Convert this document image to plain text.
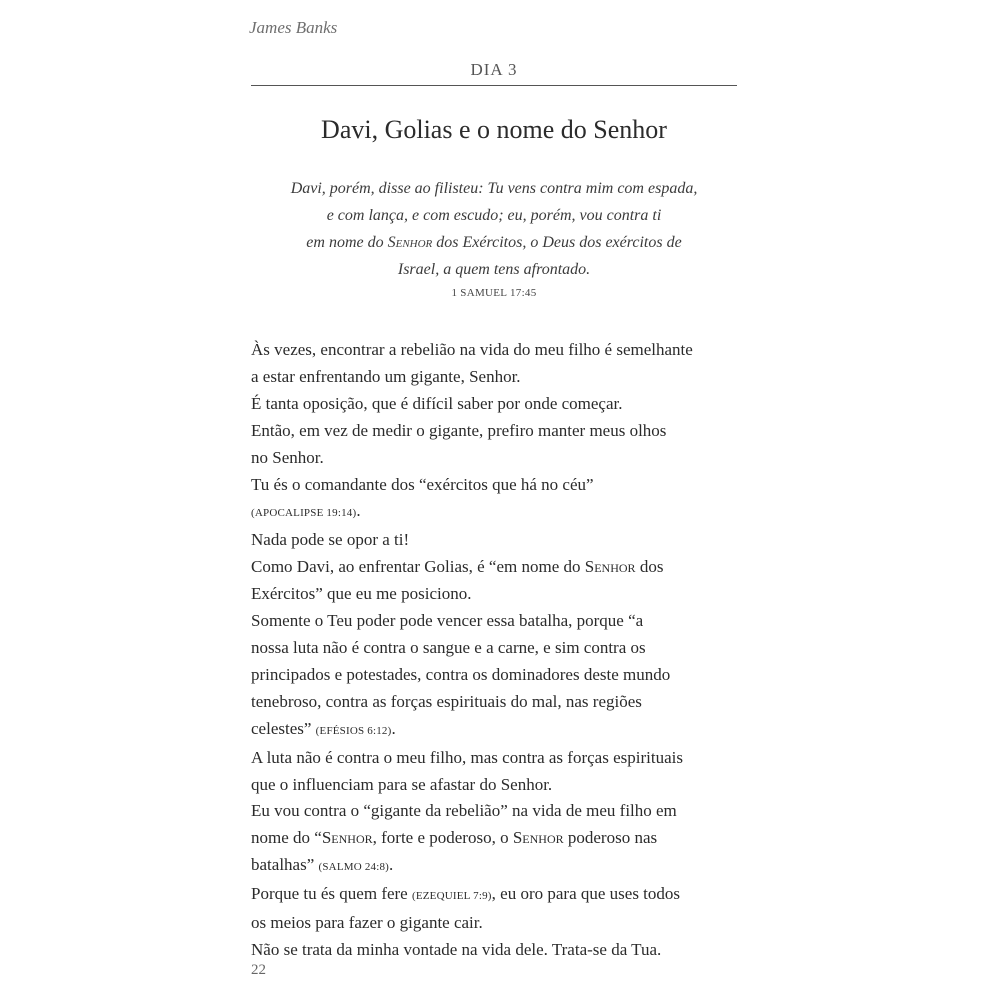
James Banks
DIA 3
Davi, Golias e o nome do Senhor
Davi, porém, disse ao filisteu: Tu vens contra mim com espada,
e com lança, e com escudo; eu, porém, vou contra ti
em nome do Senhor dos Exércitos, o Deus dos exércitos de
Israel, a quem tens afrontado.
1 SAMUEL 17:45

Às vezes, encontrar a rebelião na vida do meu filho é semelhante
a estar enfrentando um gigante, Senhor.

É tanta oposição, que é difícil saber por onde começar.

Então, em vez de medir o gigante, prefiro manter meus olhos
no Senhor.

Tu és o comandante dos “exércitos que há no céu”
(APOCALIPSE 19:14).

Nada pode se opor a ti!

Como Davi, ao enfrentar Golias, é “em nome do Senhor dos
Exércitos” que eu me posiciono.

Somente o Teu poder pode vencer essa batalha, porque “a
nossa luta não é contra o sangue e a carne, e sim contra os
principados e potestades, contra os dominadores deste mundo
tenebroso, contra as forças espirituais do mal, nas regiões
celestes” (EFÉSIOS 6:12).

A luta não é contra o meu filho, mas contra as forças espirituais
que o influenciam para se afastar do Senhor.

Eu vou contra o “gigante da rebelião” na vida de meu filho em
nome do “Senhor, forte e poderoso, o Senhor poderoso nas
batalhas” (SALMO 24:8).

Porque tu és quem fere (EZEQUIEL 7:9), eu oro para que uses todos
os meios para fazer o gigante cair.

Não se trata da minha vontade na vida dele. Trata-se da Tua.

22
